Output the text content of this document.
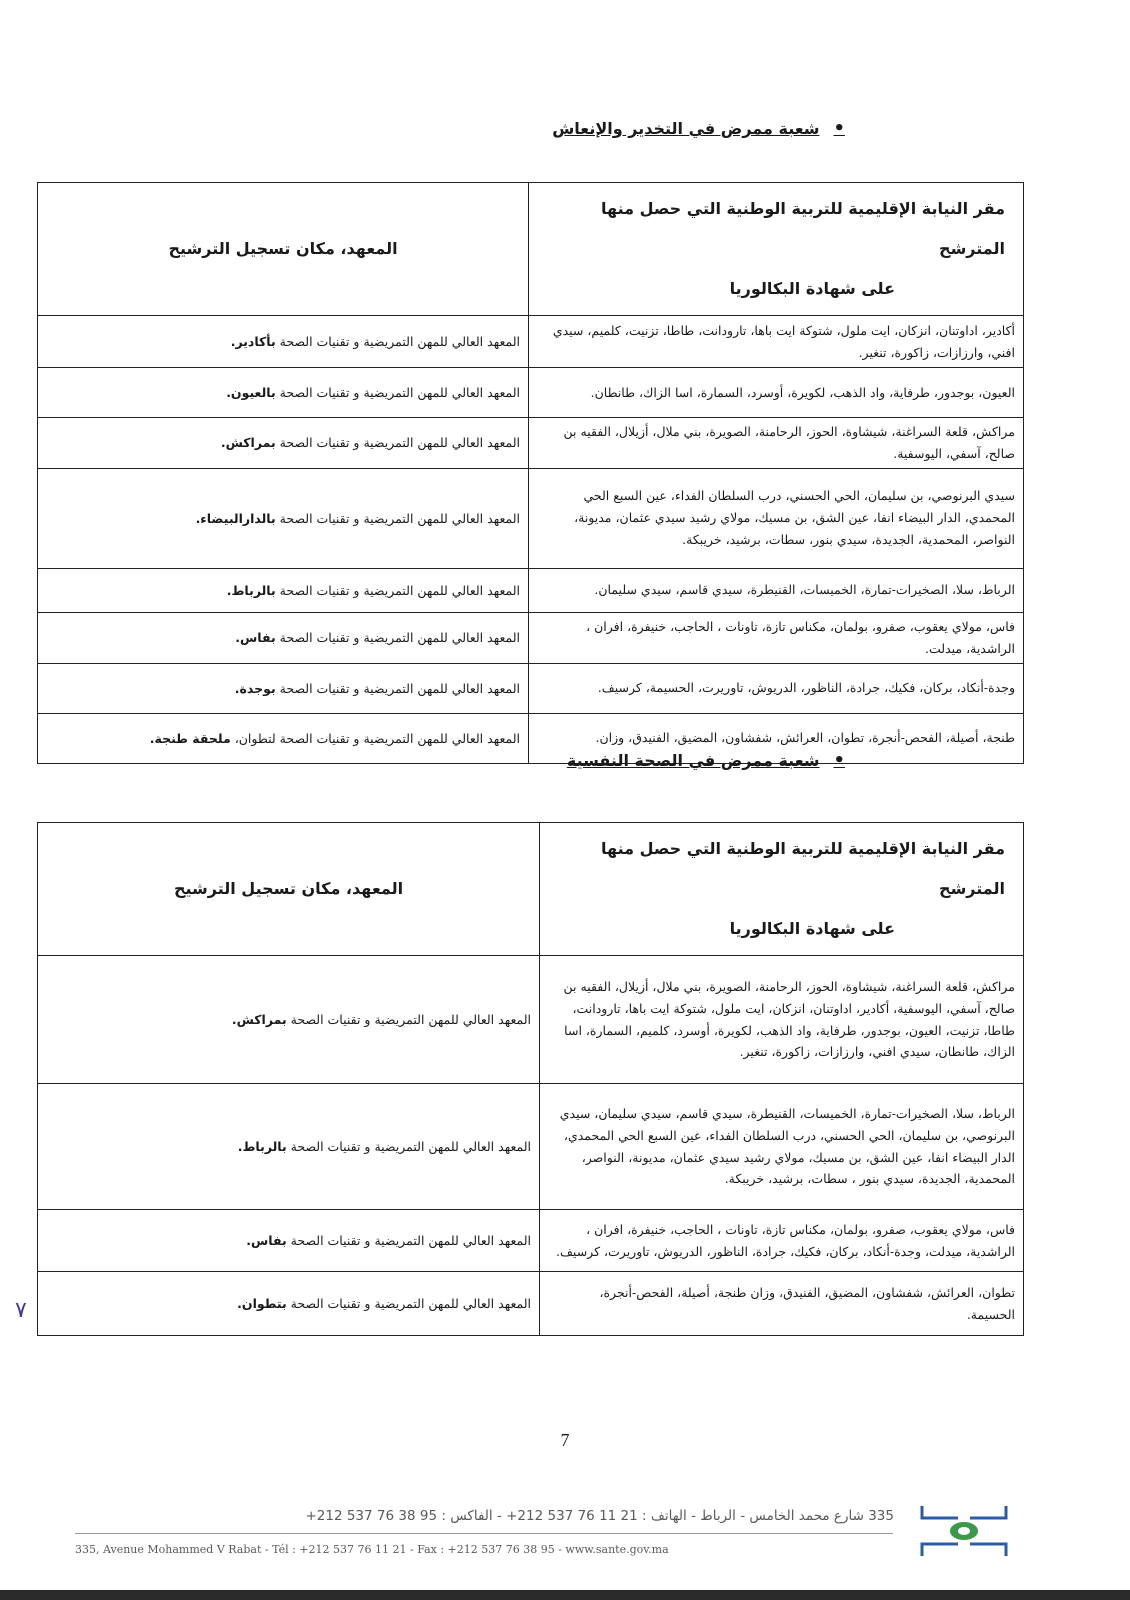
•
شعبة ممرض في التخدير والإنعاش
مقر النيابة الإقليمية للتربية الوطنية التي حصل منها المترشح
على شهادة البكالوريا	المعهد، مكان تسجيل الترشيح
أكادير، اداوتنان، انزكان، ايت ملول، شتوكة ايت باها، تارودانت، طاطا، تزنيت، كلميم، سيدي افني، وارزازات، زاكورة، تنغير.	المعهد العالي للمهن التمريضية و تقنيات الصحة بأكادير.
العيون، بوجدور، طرفاية، واد الذهب، لكويرة، أوسرد، السمارة، اسا الزاك، طانطان.	المعهد العالي للمهن التمريضية و تقنيات الصحة بالعيون.
مراكش، قلعة السراغنة، شيشاوة، الحوز، الرحامنة، الصويرة، بني ملال، أزيلال، الفقيه بن صالح، آسفي، اليوسفية.	المعهد العالي للمهن التمريضية و تقنيات الصحة بمراكش.
سيدي البرنوصي، بن سليمان، الحي الحسني، درب السلطان الفداء، عين السبع الحي المحمدي، الدار البيضاء انفا، عين الشق، بن مسيك، مولاي رشيد سيدي عثمان، مديونة، النواصر، المحمدية، الجديدة، سيدي بنور، سطات، برشيد، خريبكة.	المعهد العالي للمهن التمريضية و تقنيات الصحة بالدارالبيضاء.
الرباط، سلا، الصخيرات-تمارة، الخميسات، القنيطرة، سيدي قاسم، سيدي سليمان.	المعهد العالي للمهن التمريضية و تقنيات الصحة بالرباط.
فاس، مولاي يعقوب، صفرو، بولمان، مكناس تازة، تاونات ، الحاجب، خنيفرة، افران ، الراشدية، ميدلت.	المعهد العالي للمهن التمريضية و تقنيات الصحة بفاس.
وجدة-أنكاد، بركان، فكيك، جرادة، الناظور، الدريوش، تاوريرت، الحسيمة، كرسيف.	المعهد العالي للمهن التمريضية و تقنيات الصحة بوجدة.
طنجة، أصيلة، الفحص-أنجرة، تطوان، العرائش، شفشاون، المضيق، الفنيدق، وزان.	المعهد العالي للمهن التمريضية و تقنيات الصحة لتطوان، ملحقة طنجة.
•
شعبة ممرض في الصحة النفسية
مقر النيابة الإقليمية للتربية الوطنية التي حصل منها المترشح
على شهادة البكالوريا	المعهد، مكان تسجيل الترشيح
مراكش، قلعة السراغنة، شيشاوة، الحوز، الرحامنة، الصويرة، بني ملال، أزيلال، الفقيه بن صالح، آسفي، اليوسفية، أكادير، اداوتنان، انزكان، ايت ملول، شتوكة ايت باها، تارودانت، طاطا، تزنيت، العيون، بوجدور، طرفاية، واد الذهب، لكويرة، أوسرد، كلميم، السمارة، اسا الزاك، طانطان، سيدي افني، وارزازات، زاكورة، تنغير.	المعهد العالي للمهن التمريضية و تقنيات الصحة بمراكش.
الرباط، سلا، الصخيرات-تمارة، الخميسات، القنيطرة، سيدي قاسم، سيدي سليمان، سيدي البرنوصي، بن سليمان، الحي الحسني، درب السلطان الفداء، عين السبع الحي المحمدي، الدار البيضاء انفا، عين الشق، بن مسيك، مولاي رشيد سيدي عثمان، مديونة، النواصر، المحمدية، الجديدة، سيدي بنور ، سطات، برشيد، خريبكة.	المعهد العالي للمهن التمريضية و تقنيات الصحة بالرباط.
فاس، مولاي يعقوب، صفرو، بولمان، مكناس تازة، تاونات ، الحاجب، خنيفرة، افران ، الراشدية، ميدلت، وجدة-أنكاد، بركان، فكيك، جرادة، الناظور، الدريوش، تاوريرت، كرسيف.	المعهد العالي للمهن التمريضية و تقنيات الصحة بفاس.
تطوان، العرائش، شفشاون، المضيق، الفنيدق، وزان طنجة، أصيلة، الفحص-أنجرة، الحسيمة.	المعهد العالي للمهن التمريضية و تقنيات الصحة بتطوان.
٧
7
335 شارع محمد الخامس - الرباط - الهاتف : 21 11 76 537 212+ - الفاكس : 95 38 76 537 212+
335, Avenue Mohammed V Rabat - Tél : +212 537 76 11 21 - Fax : +212 537 76 38 95 - www.sante.gov.ma
